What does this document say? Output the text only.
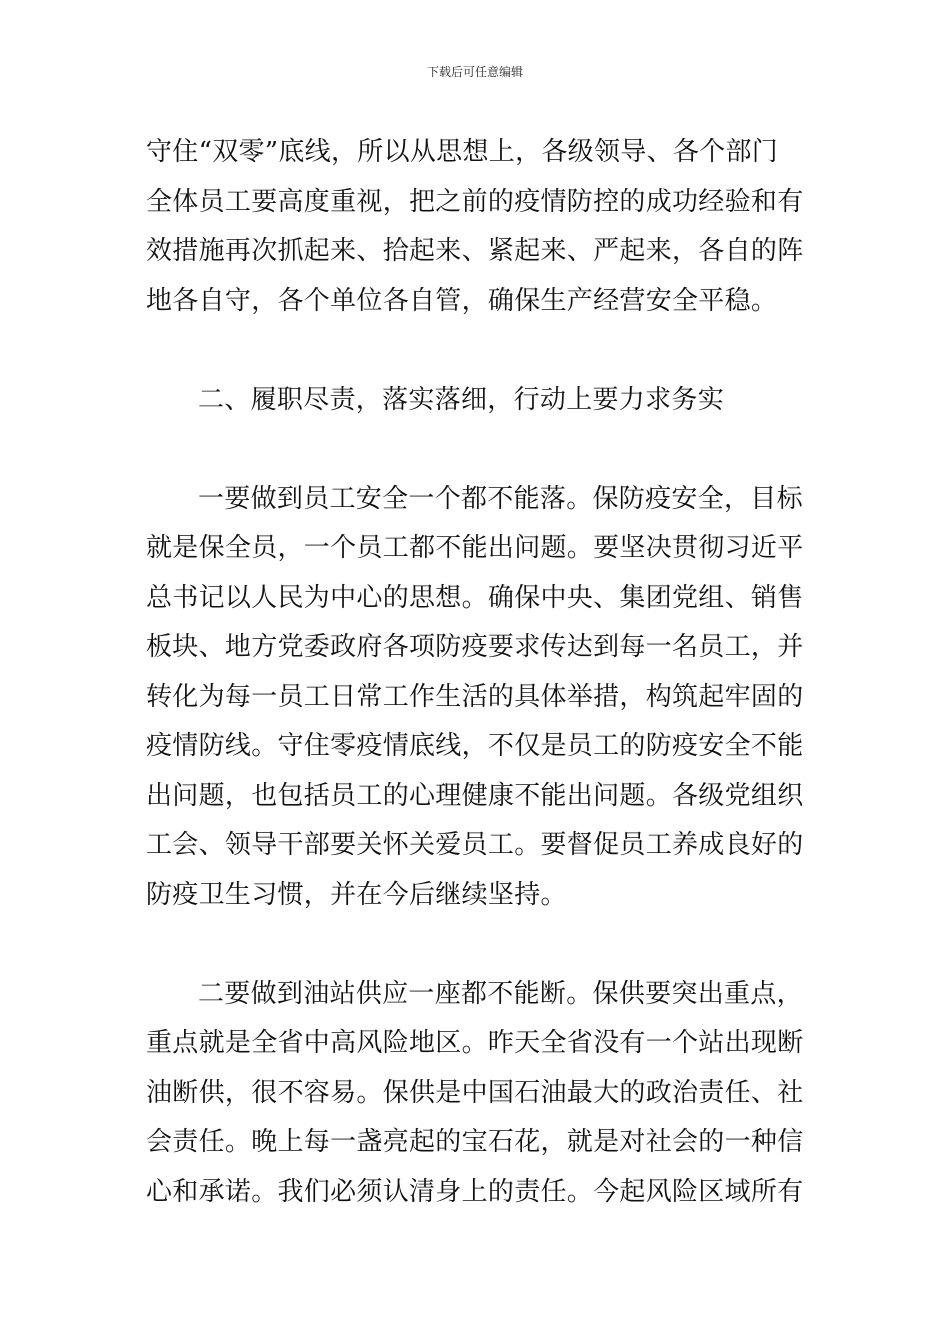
下载后可任意编辑

守住“双零”底线，所以从思想上，各级领导、各个部门
全体员工要高度重视，把之前的疫情防控的成功经验和有
效措施再次抓起来、拾起来、紧起来、严起来，各自的阵
地各自守，各个单位各自管，确保生产经营安全平稳。

二、履职尽责，落实落细，行动上要力求务实

一要做到员工安全一个都不能落。保防疫安全，目标
就是保全员，一个员工都不能出问题。要坚决贯彻习近平
总书记以人民为中心的思想。确保中央、集团党组、销售
板块、地方党委政府各项防疫要求传达到每一名员工，并
转化为每一员工日常工作生活的具体举措，构筑起牢固的
疫情防线。守住零疫情底线，不仅是员工的防疫安全不能
出问题，也包括员工的心理健康不能出问题。各级党组织
工会、领导干部要关怀关爱员工。要督促员工养成良好的
防疫卫生习惯，并在今后继续坚持。

二要做到油站供应一座都不能断。保供要突出重点，
重点就是全省中高风险地区。昨天全省没有一个站出现断
油断供，很不容易。保供是中国石油最大的政治责任、社
会责任。晚上每一盏亮起的宝石花，就是对社会的一种信
心和承诺。我们必须认清身上的责任。今起风险区域所有
